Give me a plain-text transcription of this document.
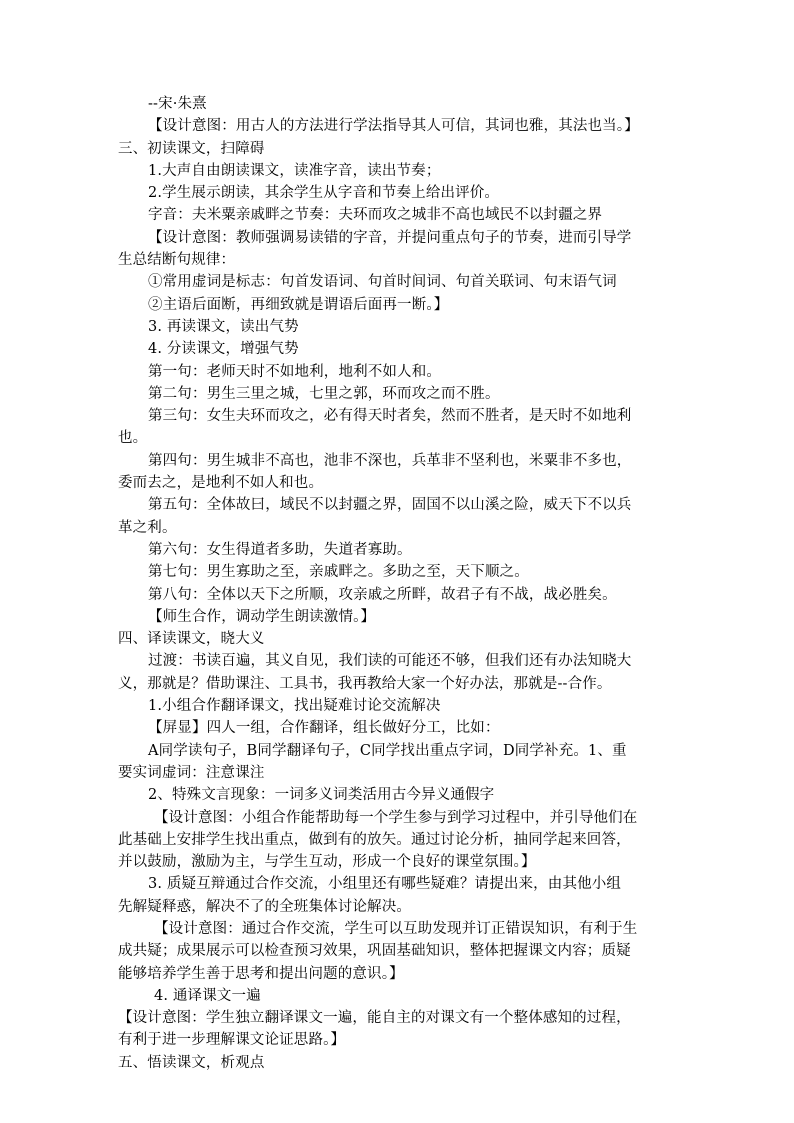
--宋·朱熹
【设计意图：用古人的方法进行学法指导其人可信，其词也雅，其法也当。】
三、初读课文，扫障碍
1.大声自由朗读课文，读准字音，读出节奏；
2.学生展示朗读，其余学生从字音和节奏上给出评价。
字音：夫米粟亲戚畔之节奏：夫环而攻之城非不高也域民不以封疆之界
【设计意图：教师强调易读错的字音，并提问重点句子的节奏，进而引导学
生总结断句规律：
①常用虚词是标志：句首发语词、句首时间词、句首关联词、句末语气词
②主语后面断，再细致就是谓语后面再一断。】
3. 再读课文，读出气势
4. 分读课文，增强气势
第一句：老师天时不如地利，地利不如人和。
第二句：男生三里之城，七里之郭，环而攻之而不胜。
第三句：女生夫环而攻之，必有得天时者矣，然而不胜者，是天时不如地利
也。
第四句：男生城非不高也，池非不深也，兵革非不坚利也，米粟非不多也，
委而去之，是地利不如人和也。
第五句：全体故曰，域民不以封疆之界，固国不以山溪之险，威天下不以兵
革之利。
第六句：女生得道者多助，失道者寡助。
第七句：男生寡助之至，亲戚畔之。多助之至，天下顺之。
第八句：全体以天下之所顺，攻亲戚之所畔，故君子有不战，战必胜矣。
【师生合作，调动学生朗读激情。】
四、译读课文，晓大义
过渡：书读百遍，其义自见，我们读的可能还不够，但我们还有办法知晓大
义，那就是？借助课注、工具书，我再教给大家一个好办法，那就是--合作。
1.小组合作翻译课文，找出疑难讨论交流解决
【屏显】四人一组，合作翻译，组长做好分工，比如：
A同学读句子，B同学翻译句子，C同学找出重点字词，D同学补充。1、重
要实词虚词：注意课注
2、特殊文言现象：一词多义词类活用古今异义通假字
【设计意图：小组合作能帮助每一个学生参与到学习过程中，并引导他们在
此基础上安排学生找出重点，做到有的放矢。通过讨论分析，抽同学起来回答，
并以鼓励，激励为主，与学生互动，形成一个良好的课堂氛围。】
3. 质疑互辩通过合作交流，小组里还有哪些疑难？请提出来，由其他小组
先解疑释惑，解决不了的全班集体讨论解决。
【设计意图：通过合作交流，学生可以互助发现并订正错误知识，有利于生
成共疑；成果展示可以检查预习效果，巩固基础知识，整体把握课文内容；质疑
能够培养学生善于思考和提出问题的意识。】
4. 通译课文一遍
【设计意图：学生独立翻译课文一遍，能自主的对课文有一个整体感知的过程，
有利于进一步理解课文论证思路。】
五、悟读课文，析观点
